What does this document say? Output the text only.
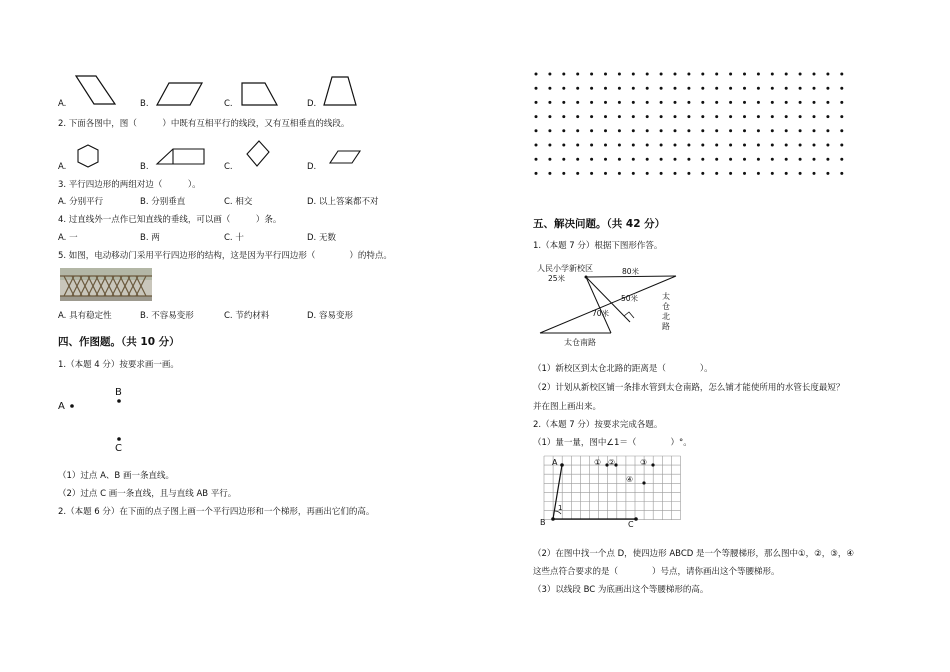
A.	B.	C.	D.
2. 下面各图中，图（　　　）中既有互相平行的线段，又有互相垂直的线段。
A.	B.	C.	D.
3. 平行四边形的两组对边（　　　）。
A. 分别平行	B. 分别垂直	C. 相交	D. 以上答案都不对
4. 过直线外一点作已知直线的垂线，可以画（　　　）条。
A. 一	B. 两	C. 十	D. 无数
5. 如图，电动移动门采用平行四边形的结构，这是因为平行四边形（　　　　）的特点。
A. 具有稳定性	B. 不容易变形	C. 节约材料	D. 容易变形
四、作图题。（共 10 分）
1.（本题 4 分）按要求画一画。
A
B
C
（1）过点 A、B 画一条直线。
（2）过点 C 画一条直线，且与直线 AB 平行。
2.（本题 6 分）在下面的点子图上画一个平行四边形和一个梯形，再画出它们的高。
五、解决问题。（共 42 分）
1.（本题 7 分）根据下图形作答。
人民小学新校区
25米
80米
50米
70米
太仓南路
太
仓
北
路
（1）新校区到太仓北路的距离是（　　　　）。
（2）计划从新校区铺一条排水管到太仓南路，怎么铺才能使所用的水管长度最短？
并在图上画出来。
2.（本题 7 分）按要求完成各题。
（1）量一量，图中∠1＝（　　　　）°。
A
B	C
1
① ②	③
④
（2）在图中找一个点 D，使四边形 ABCD 是一个等腰梯形，那么图中①，②，③，④
这些点符合要求的是（　　　　）号点，请你画出这个等腰梯形。
（3）以线段 BC 为底画出这个等腰梯形的高。
